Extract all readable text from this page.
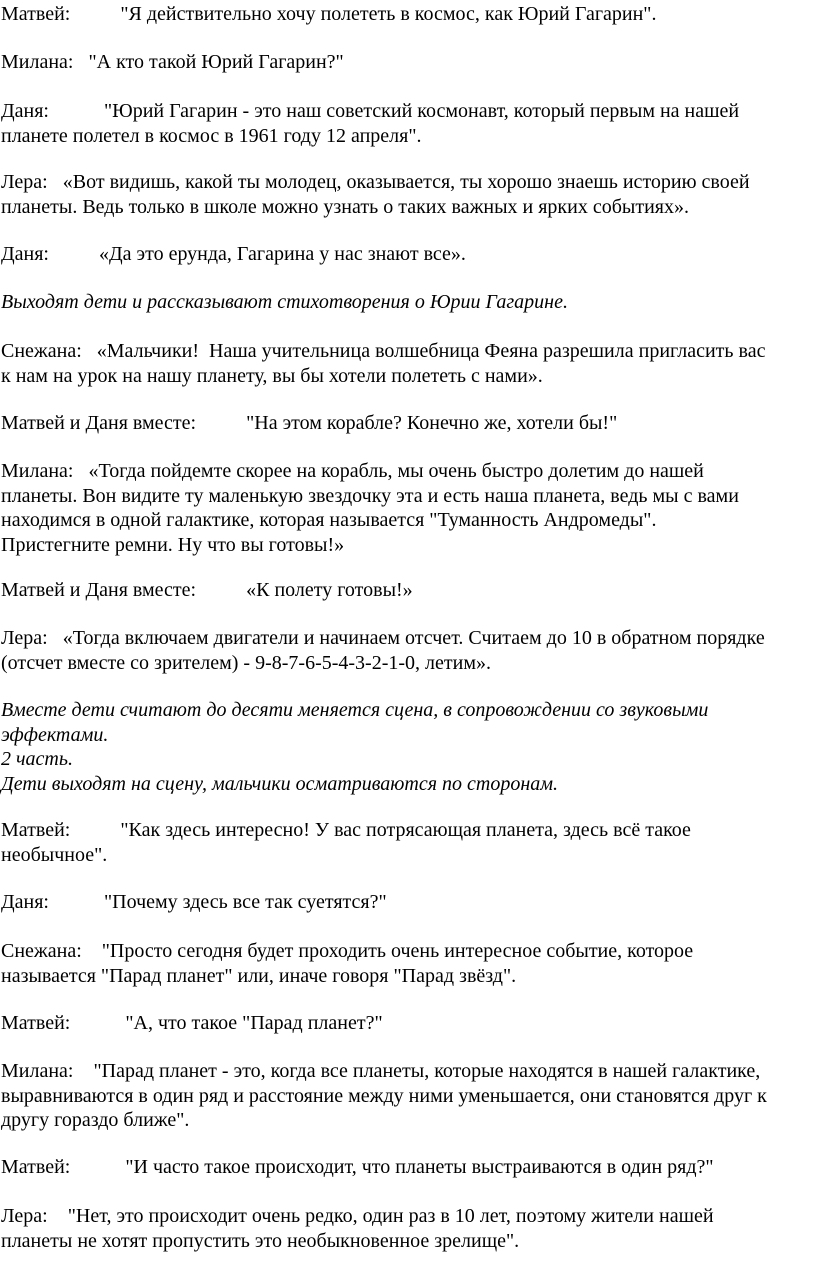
Матвей:	"Я действительно хочу полететь в космос, как Юрий Гагарин".
Милана: "А кто такой Юрий Гагарин?"
Даня:	"Юрий Гагарин - это наш советский космонавт, который первым на нашей
планете полетел в космос в 1961 году 12 апреля".
Лера: «Вот видишь, какой ты молодец, оказывается, ты хорошо знаешь историю своей
планеты. Ведь только в школе можно узнать о таких важных и ярких событиях».
Даня:	«Да это ерунда, Гагарина у нас знают все».
Выходят дети и рассказывают стихотворения о Юрии Гагарине.
Снежана: «Мальчики!  Наша учительница волшебница Феяна разрешила пригласить вас
к нам на урок на нашу планету, вы бы хотели полететь с нами».
Матвей и Даня вместе:	"На этом корабле? Конечно же, хотели бы!"
Милана: «Тогда пойдемте скорее на корабль, мы очень быстро долетим до нашей
планеты. Вон видите ту маленькую звездочку эта и есть наша планета, ведь мы с вами
находимся в одной галактике, которая называется "Туманность Андромеды".
Пристегните ремни. Ну что вы готовы!»
Матвей и Даня вместе:	«К полету готовы!»
Лера: «Тогда включаем двигатели и начинаем отсчет. Считаем до 10 в обратном порядке
(отсчет вместе со зрителем) - 9-8-7-6-5-4-3-2-1-0, летим».
Вместе дети считают до десяти меняется сцена, в сопровождении со звуковыми
эффектами.
2 часть.
Дети выходят на сцену, мальчики осматриваются по сторонам.
Матвей:	"Как здесь интересно! У вас потрясающая планета, здесь всё такое
необычное".
Даня:	"Почему здесь все так суетятся?"
Снежана: "Просто сегодня будет проходить очень интересное событие, которое
называется "Парад планет" или, иначе говоря "Парад звёзд".
Матвей:	"А, что такое "Парад планет?"
Милана: "Парад планет - это, когда все планеты, которые находятся в нашей галактике,
выравниваются в один ряд и расстояние между ними уменьшается, они становятся друг к
другу гораздо ближе".
Матвей:	"И часто такое происходит, что планеты выстраиваются в один ряд?"
Лера: "Нет, это происходит очень редко, один раз в 10 лет, поэтому жители нашей
планеты не хотят пропустить это необыкновенное зрелище".
